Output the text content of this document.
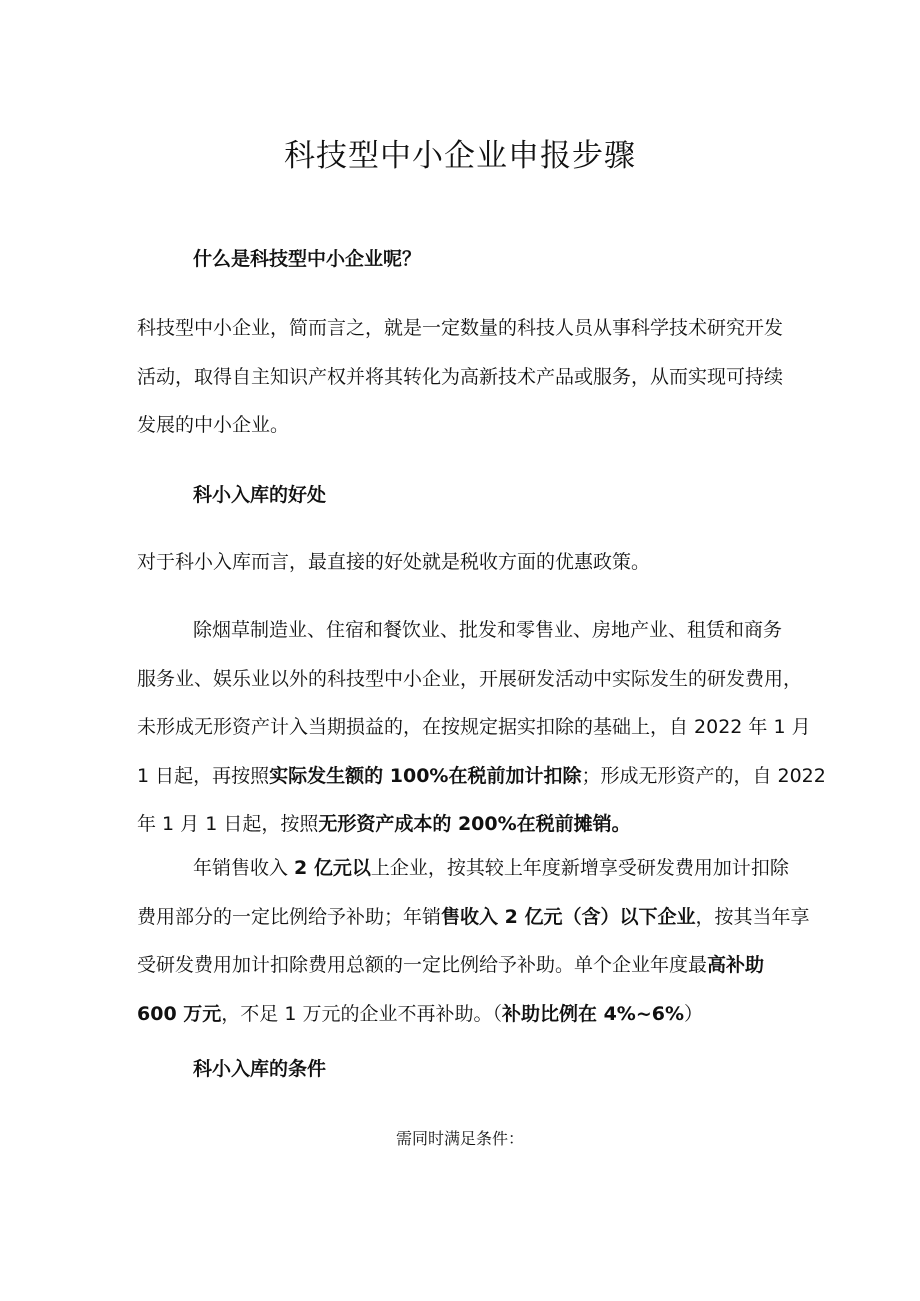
科技型中小企业申报步骤
什么是科技型中小企业呢？
科技型中小企业，简而言之，就是一定数量的科技人员从事科学技术研究开发
活动，取得自主知识产权并将其转化为高新技术产品或服务，从而实现可持续
发展的中小企业。
科小入库的好处
对于科小入库而言，最直接的好处就是税收方面的优惠政策。
除烟草制造业、住宿和餐饮业、批发和零售业、房地产业、租赁和商务
服务业、娱乐业以外的科技型中小企业，开展研发活动中实际发生的研发费用，
未形成无形资产计入当期损益的，在按规定据实扣除的基础上，自 2022 年 1 月
1 日起，再按照实际发生额的 100%在税前加计扣除；形成无形资产的，自 2022
年 1 月 1 日起，按照无形资产成本的 200%在税前摊销。
年销售收入 2 亿元以上企业，按其较上年度新增享受研发费用加计扣除
费用部分的一定比例给予补助；年销售收入 2 亿元（含）以下企业，按其当年享
受研发费用加计扣除费用总额的一定比例给予补助。单个企业年度最高补助
600 万元，不足 1 万元的企业不再补助。（补助比例在 4%~6%）
科小入库的条件
需同时满足条件：
